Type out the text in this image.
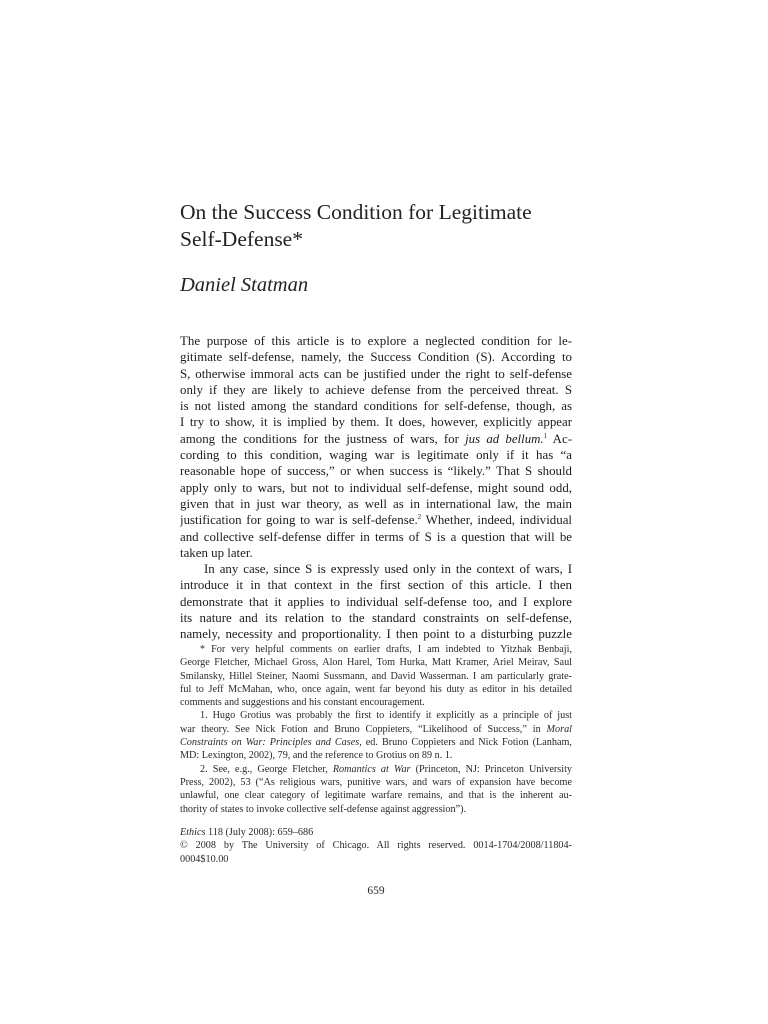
On the Success Condition for Legitimate
Self-Defense*
Daniel Statman
The purpose of this article is to explore a neglected condition for le-
gitimate self-defense, namely, the Success Condition (S). According to
S, otherwise immoral acts can be justified under the right to self-defense
only if they are likely to achieve defense from the perceived threat. S
is not listed among the standard conditions for self-defense, though, as
I try to show, it is implied by them. It does, however, explicitly appear
among the conditions for the justness of wars, for jus ad bellum.$^1$ Ac-
cording to this condition, waging war is legitimate only if it has “a
reasonable hope of success,” or when success is “likely.” That S should
apply only to wars, but not to individual self-defense, might sound odd,
given that in just war theory, as well as in international law, the main
justification for going to war is self-defense.$^2$ Whether, indeed, individual
and collective self-defense differ in terms of S is a question that will be
taken up later.
In any case, since S is expressly used only in the context of wars, I
introduce it in that context in the first section of this article. I then
demonstrate that it applies to individual self-defense too, and I explore
its nature and its relation to the standard constraints on self-defense,
namely, necessity and proportionality. I then point to a disturbing puzzle
* For very helpful comments on earlier drafts, I am indebted to Yitzhak Benbaji,
George Fletcher, Michael Gross, Alon Harel, Tom Hurka, Matt Kramer, Ariel Meirav, Saul
Smilansky, Hillel Steiner, Naomi Sussmann, and David Wasserman. I am particularly grate-
ful to Jeff McMahan, who, once again, went far beyond his duty as editor in his detailed
comments and suggestions and his constant encouragement.
1. Hugo Grotius was probably the first to identify it explicitly as a principle of just
war theory. See Nick Fotion and Bruno Coppieters, “Likelihood of Success,” in Moral
Constraints on War: Principles and Cases, ed. Bruno Coppieters and Nick Fotion (Lanham,
MD: Lexington, 2002), 79, and the reference to Grotius on 89 n. 1.
2. See, e.g., George Fletcher, Romantics at War (Princeton, NJ: Princeton University
Press, 2002), 53 (“As religious wars, punitive wars, and wars of expansion have become
unlawful, one clear category of legitimate warfare remains, and that is the inherent au-
thority of states to invoke collective self-defense against aggression”).
Ethics 118 (July 2008): 659–686
© 2008 by The University of Chicago. All rights reserved. 0014-1704/2008/11804-
0004$10.00
659
